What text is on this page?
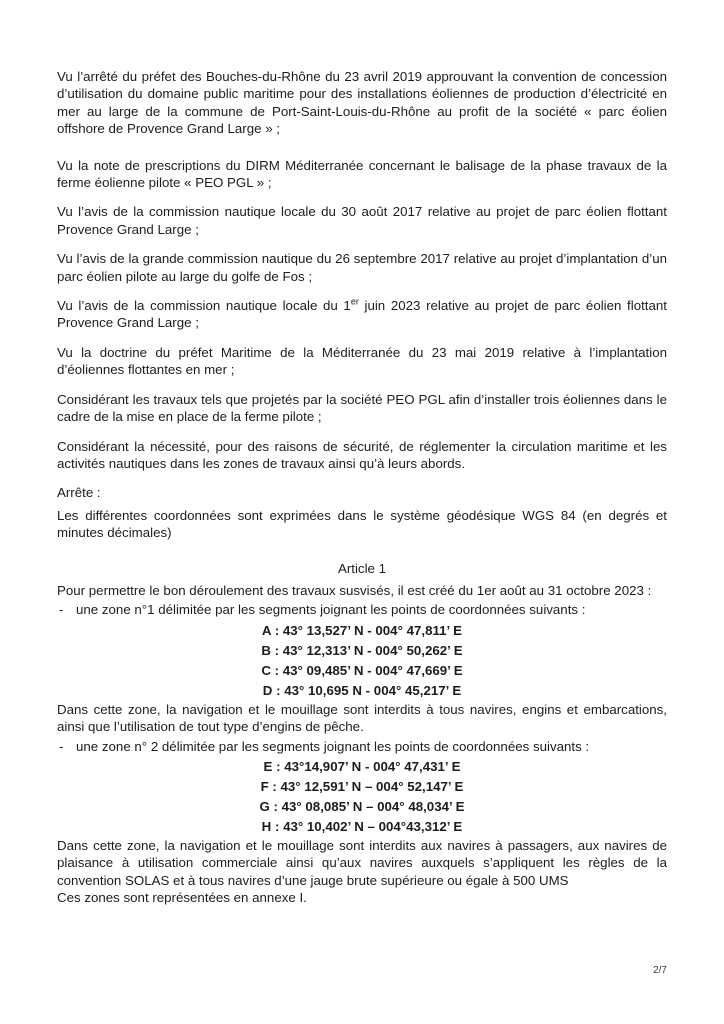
Vu l’arrêté du préfet des Bouches-du-Rhône du 23 avril 2019 approuvant la convention de concession d’utilisation du domaine public maritime pour des installations éoliennes de production d’électricité en mer au large de la commune de Port-Saint-Louis-du-Rhône au profit de la société « parc éolien offshore de Provence Grand Large » ;

Vu la note de prescriptions du DIRM Méditerranée concernant le balisage de la phase travaux de la ferme éolienne pilote « PEO PGL » ;

Vu l’avis de la commission nautique locale du 30 août 2017 relative au projet de parc éolien flottant Provence Grand Large ;

Vu l’avis de la grande commission nautique du 26 septembre 2017 relative au projet d’implantation d’un parc éolien pilote au large du golfe de Fos ;

Vu l’avis de la commission nautique locale du 1er juin 2023 relative au projet de parc éolien flottant Provence Grand Large ;

Vu la doctrine du préfet Maritime de la Méditerranée du 23 mai 2019 relative à l’implantation d’éoliennes flottantes en mer ;

Considérant les travaux tels que projetés par la société PEO PGL afin d’installer trois éoliennes dans le cadre de la mise en place de la ferme pilote ;

Considérant la nécessité, pour des raisons de sécurité, de réglementer la circulation maritime et les activités nautiques dans les zones de travaux ainsi qu’à leurs abords.

Arrête :

Les différentes coordonnées sont exprimées dans le système géodésique WGS 84 (en degrés et minutes décimales)

Article 1

Pour permettre le bon déroulement des travaux susvisés, il est créé du 1er août au 31 octobre 2023 :

- une zone n°1 délimitée par les segments joignant les points de coordonnées suivants :

A : 43° 13,527’ N - 004° 47,811’ E
B : 43° 12,313’ N - 004° 50,262’ E
C : 43° 09,485’ N - 004° 47,669’ E
D : 43° 10,695 N - 004° 45,217’ E

Dans cette zone, la navigation et le mouillage sont interdits à tous navires, engins et embarcations, ainsi que l’utilisation de tout type d’engins de pêche.

- une zone n° 2 délimitée par les segments joignant les points de coordonnées suivants :

E : 43°14,907’ N - 004° 47,431’ E
F : 43° 12,591’ N – 004° 52,147’ E
G : 43° 08,085’ N – 004° 48,034’ E
H : 43° 10,402’ N – 004°43,312’ E

Dans cette zone, la navigation et le mouillage sont interdits aux navires à passagers, aux navires de plaisance à utilisation commerciale ainsi qu’aux navires auxquels s’appliquent les règles de la convention SOLAS et à tous navires d’une jauge brute supérieure ou égale à 500 UMS

Ces zones sont représentées en annexe I.

2/7
